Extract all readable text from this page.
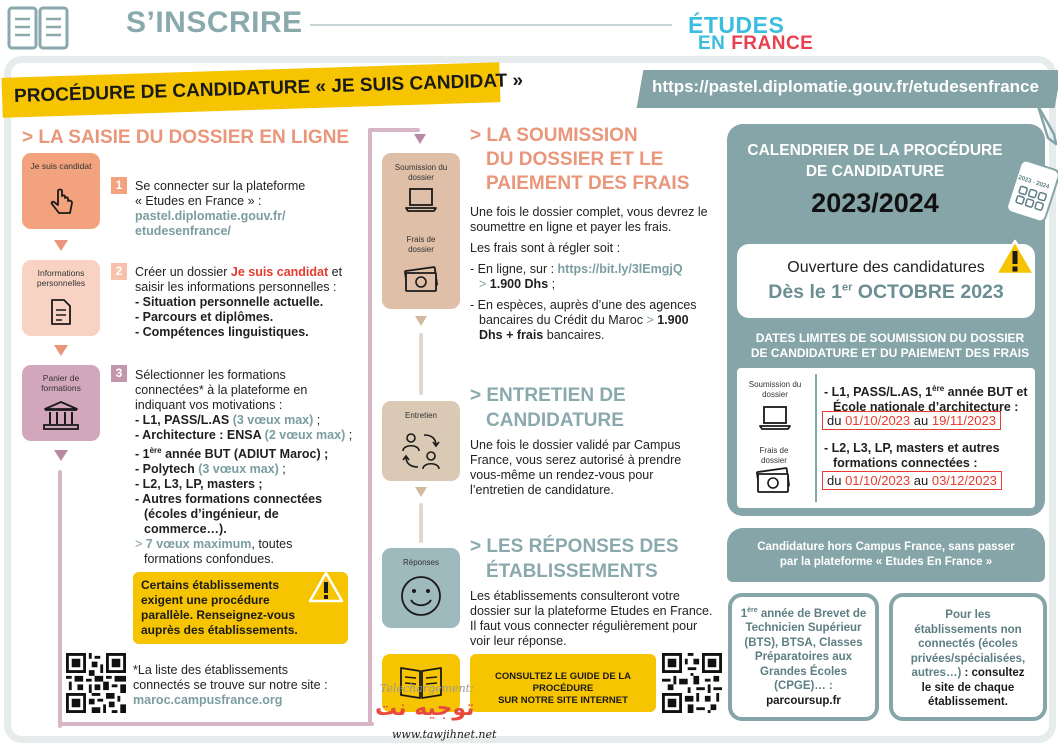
S’INSCRIRE	ÉTUDES
EN FRANCE
PROCÉDURE DE CANDIDATURE « JE SUIS CANDIDAT »	https://pastel.diplomatie.gouv.fr/etudesenfrance
> LA SAISIE DU DOSSIER EN LIGNE
Je suis candidat
Informations personnelles
Panier de formations
1
2
3
Se connecter sur la plateforme
« Etudes en France » :
pastel.diplomatie.gouv.fr/
etudesenfrance/
Créer un dossier Je suis candidat et
saisir les informations personnelles :
- Situation personnelle actuelle.
- Parcours et diplômes.
- Compétences linguistiques.
Sélectionner les formations
connectées* à la plateforme en
indiquant vos motivations :
- L1, PASS/L.AS (3 vœux max) ;
- Architecture : ENSA (2 vœux max) ;
- 1ère année BUT (ADIUT Maroc) ;
- Polytech (3 vœux max) ;
- L2, L3, LP, masters ;
- Autres formations connectées
(écoles d’ingénieur, de
commerce…).
> 7 vœux maximum, toutes
formations confondues.
Certains établissements
exigent une procédure
parallèle. Renseignez-vous
auprès des établissements.
*La liste des établissements
connectés se trouve sur notre site :
maroc.campusfrance.org
Soumission du dossier
Frais de dossier
Entretien
Réponses
> LA SOUMISSION
DU DOSSIER ET LE
PAIEMENT DES FRAIS
Une fois le dossier complet, vous devrez le
soumettre en ligne et payer les frais.
Les frais sont à régler soit :
- En ligne, sur : https://bit.ly/3lEmgjQ
> 1.900 Dhs ;
- En espèces, auprès d’une des agences
bancaires du Crédit du Maroc > 1.900
Dhs + frais bancaires.
> ENTRETIEN DE
CANDIDATURE
Une fois le dossier validé par Campus
France, vous serez autorisé à prendre
vous-même un rendez-vous pour
l’entretien de candidature.
> LES RÉPONSES DES
ÉTABLISSEMENTS
Les établissements consulteront votre
dossier sur la plateforme Etudes en France.
Il faut vous connecter régulièrement pour
voir leur réponse.
CONSULTEZ LE GUIDE DE LA PROCÉDURE
SUR NOTRE SITE INTERNET
Telechargement:
توجيه نت
www.tawjihnet.net
CALENDRIER DE LA PROCÉDURE
DE CANDIDATURE
2023/2024
2023 - 2024
Ouverture des candidatures
Dès le 1er OCTOBRE 2023
DATES LIMITES DE SOUMISSION DU DOSSIER
DE CANDIDATURE ET DU PAIEMENT DES FRAIS
Soumission du dossier
Frais de dossier
- L1, PASS/L.AS, 1ère année BUT et
École nationale d’architecture :
du 01/10/2023 au 19/11/2023
- L2, L3, LP, masters et autres
formations connectées :
du 01/10/2023 au 03/12/2023
Candidature hors Campus France, sans passer
par la plateforme « Etudes En France »
1ère année de Brevet de
Technicien Supérieur
(BTS), BTSA, Classes
Préparatoires aux
Grandes Écoles
(CPGE)… :
parcoursup.fr
Pour les
établissements non
connectés (écoles
privées/spécialisées,
autres…) : consultez
le site de chaque
établissement.
